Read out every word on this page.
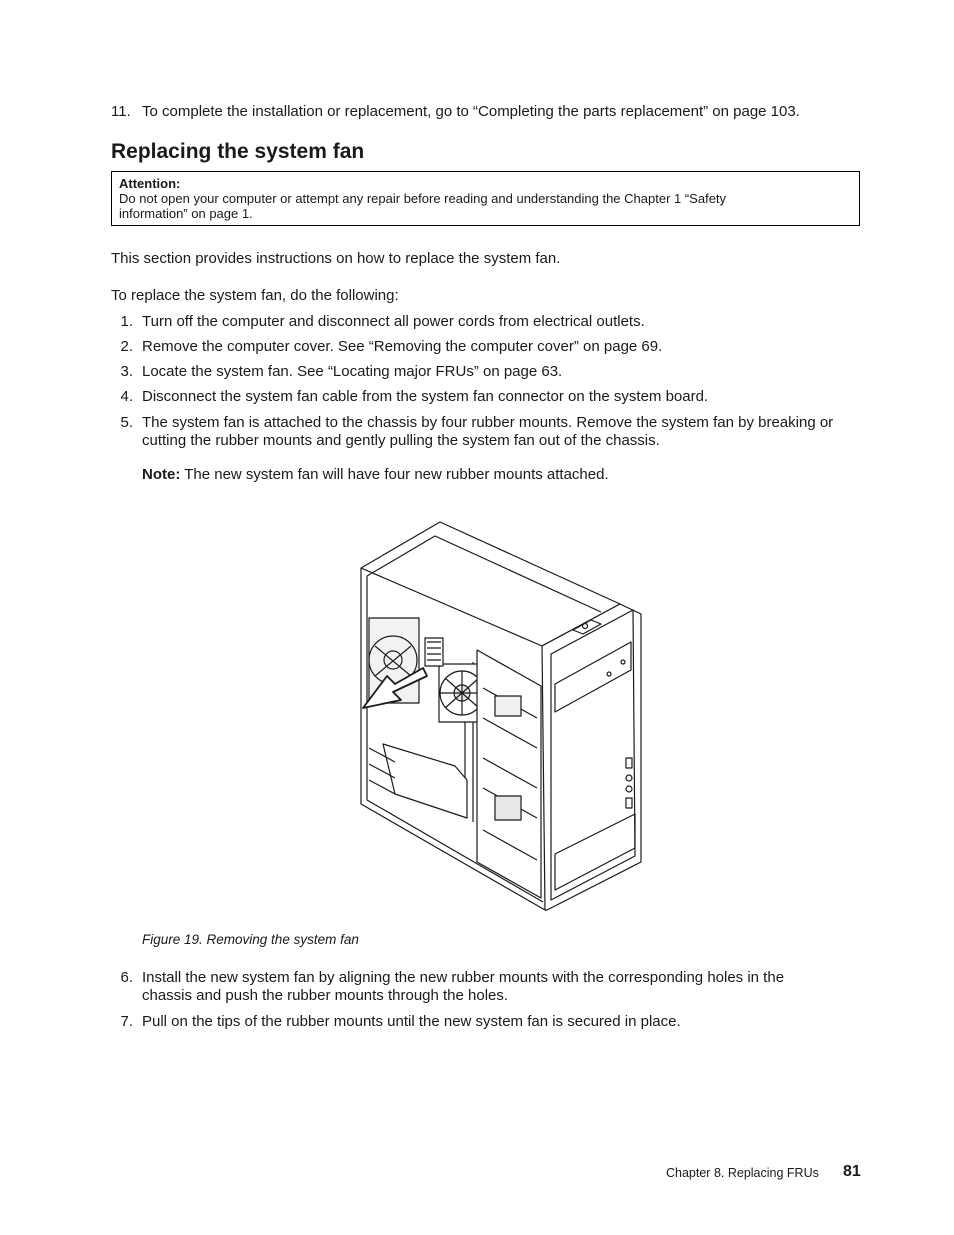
11. To complete the installation or replacement, go to “Completing the parts replacement” on page 103.
Replacing the system fan
Attention:
Do not open your computer or attempt any repair before reading and understanding the Chapter 1 “Safety
information” on page 1.
This section provides instructions on how to replace the system fan.
To replace the system fan, do the following:
1. Turn off the computer and disconnect all power cords from electrical outlets.
2. Remove the computer cover. See “Removing the computer cover” on page 69.
3. Locate the system fan. See “Locating major FRUs” on page 63.
4. Disconnect the system fan cable from the system fan connector on the system board.
5. The system fan is attached to the chassis by four rubber mounts. Remove the system fan by breaking or
cutting the rubber mounts and gently pulling the system fan out of the chassis.
Note: The new system fan will have four new rubber mounts attached.
Figure 19. Removing the system fan
6. Install the new system fan by aligning the new rubber mounts with the corresponding holes in the
chassis and push the rubber mounts through the holes.
7. Pull on the tips of the rubber mounts until the new system fan is secured in place.
Chapter 8. Replacing FRUs 81
